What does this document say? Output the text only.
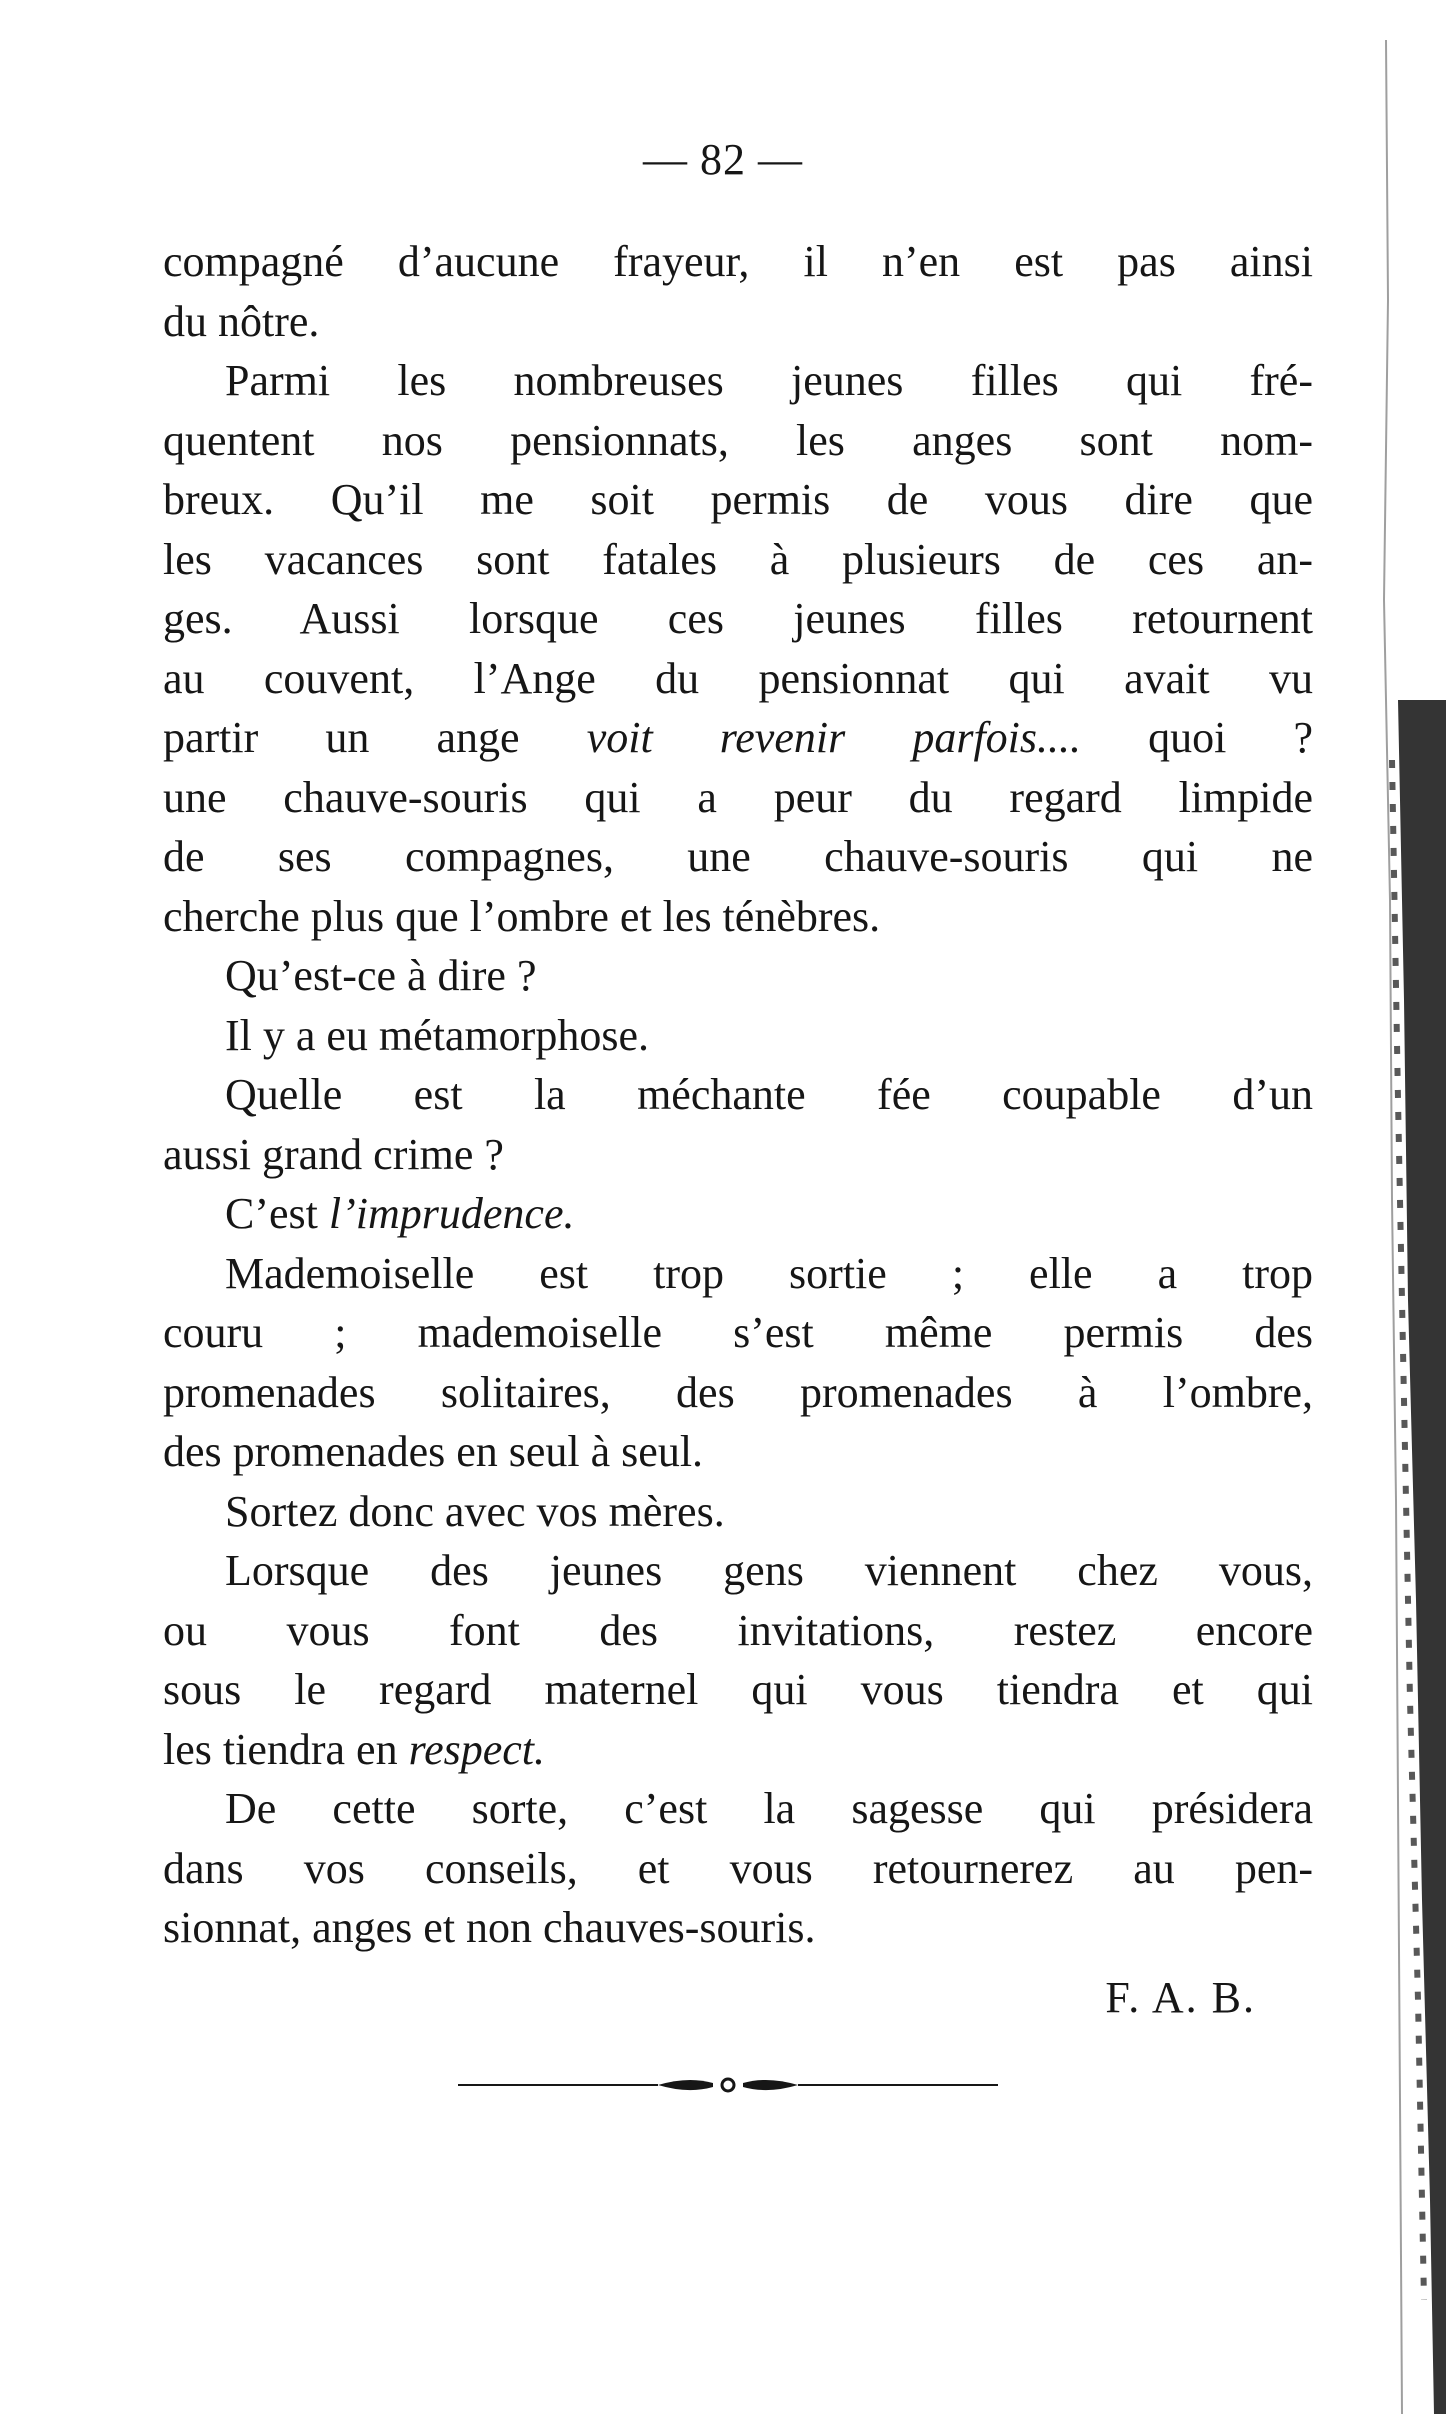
— 82 —
compagné d’aucune frayeur, il n’en est pas ainsi
du nôtre.
Parmi les nombreuses jeunes filles qui fré-
quentent nos pensionnats, les anges sont nom-
breux. Qu’il me soit permis de vous dire que
les vacances sont fatales à plusieurs de ces an-
ges. Aussi lorsque ces jeunes filles retournent
au couvent, l’Ange du pensionnat qui avait vu
partir un ange voit revenir parfois.... quoi ?
une chauve-souris qui a peur du regard limpide
de ses compagnes, une chauve-souris qui ne
cherche plus que l’ombre et les ténèbres.
Qu’est-ce à dire ?
Il y a eu métamorphose.
Quelle est la méchante fée coupable d’un
aussi grand crime ?
C’est l’imprudence.
Mademoiselle est trop sortie ; elle a trop
couru ; mademoiselle s’est même permis des
promenades solitaires, des promenades à l’ombre,
des promenades en seul à seul.
Sortez donc avec vos mères.
Lorsque des jeunes gens viennent chez vous,
ou vous font des invitations, restez encore
sous le regard maternel qui vous tiendra et qui
les tiendra en respect.
De cette sorte, c’est la sagesse qui présidera
dans vos conseils, et vous retournerez au pen-
sionnat, anges et non chauves-souris.
F. A. B.
